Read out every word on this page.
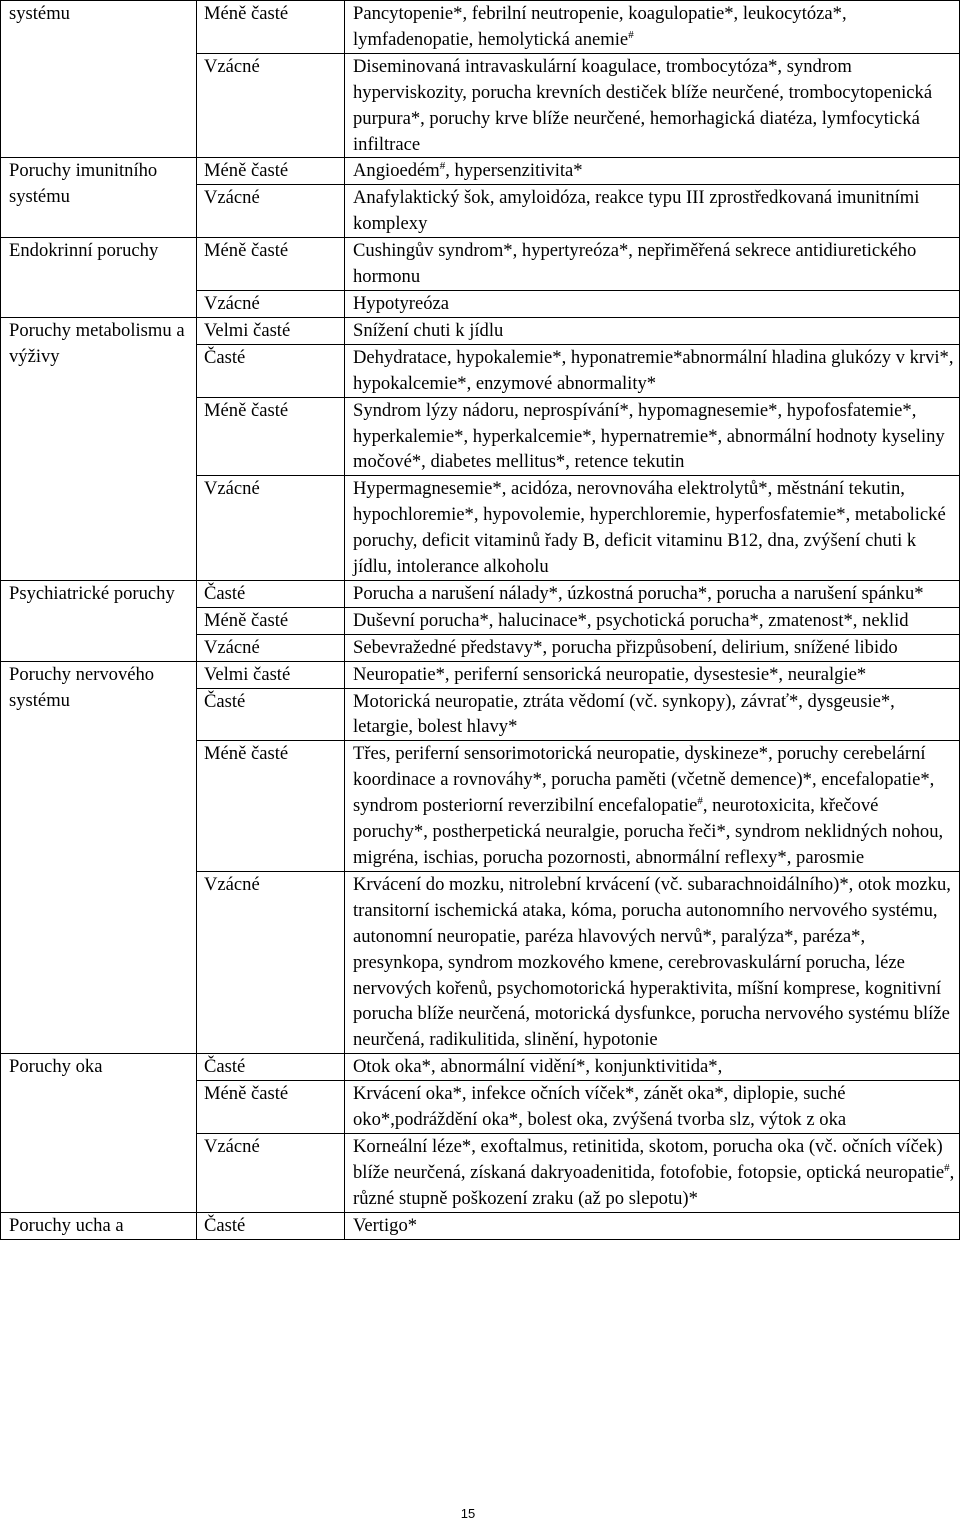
systému	Méně časté	Pancytopenie*, febrilní neutropenie, koagulopatie*, leukocytóza*, lymfadenopatie, hemolytická anemie#
	Vzácné	Diseminovaná intravaskulární koagulace, trombocytóza*, syndrom hyperviskozity, porucha krevních destiček blíže neurčené, trombocytopenická purpura*, poruchy krve blíže neurčené, hemorhagická diatéza, lymfocytická infiltrace
Poruchy imunitního systému	Méně časté	Angioedém#, hypersenzitivita*
	Vzácné	Anafylaktický šok, amyloidóza, reakce typu III zprostředkovaná imunitními komplexy
Endokrinní poruchy	Méně časté	Cushingův syndrom*, hypertyreóza*, nepřiměřená sekrece antidiuretického hormonu
	Vzácné	Hypotyreóza
Poruchy metabolismu a výživy	Velmi časté	Snížení chuti k jídlu
	Časté	Dehydratace, hypokalemie*, hyponatremie*abnormální hladina glukózy v krvi*, hypokalcemie*, enzymové abnormality*
	Méně časté	Syndrom lýzy nádoru, neprospívání*, hypomagnesemie*, hypofosfatemie*, hyperkalemie*, hyperkalcemie*, hypernatremie*, abnormální hodnoty kyseliny močové*, diabetes mellitus*, retence tekutin
	Vzácné	Hypermagnesemie*, acidóza, nerovnováha elektrolytů*, městnání tekutin, hypochloremie*, hypovolemie, hyperchloremie, hyperfosfatemie*, metabolické poruchy, deficit vitaminů řady B, deficit vitaminu B12, dna, zvýšení chuti k jídlu, intolerance alkoholu
Psychiatrické poruchy	Časté	Porucha a narušení nálady*, úzkostná porucha*, porucha a narušení spánku*
	Méně časté	Duševní porucha*, halucinace*, psychotická porucha*, zmatenost*, neklid
	Vzácné	Sebevražedné představy*, porucha přizpůsobení, delirium, snížené libido
Poruchy nervového systému	Velmi časté	Neuropatie*, periferní sensorická neuropatie, dysestesie*, neuralgie*
	Časté	Motorická neuropatie, ztráta vědomí (vč. synkopy), závrať*, dysgeusie*, letargie, bolest hlavy*
	Méně časté	Třes, periferní sensorimotorická neuropatie, dyskineze*, poruchy cerebelární koordinace a rovnováhy*, porucha paměti (včetně demence)*, encefalopatie*, syndrom posteriorní reverzibilní encefalopatie#, neurotoxicita, křečové poruchy*, postherpetická neuralgie, porucha řeči*, syndrom neklidných nohou, migréna, ischias, porucha pozornosti, abnormální reflexy*, parosmie
	Vzácné	Krvácení do mozku, nitrolební krvácení (vč. subarachnoidálního)*, otok mozku, transitorní ischemická ataka, kóma, porucha autonomního nervového systému, autonomní neuropatie, paréza hlavových nervů*, paralýza*, paréza*, presynkopa, syndrom mozkového kmene, cerebrovaskulární porucha, léze nervových kořenů, psychomotorická hyperaktivita, míšní komprese, kognitivní porucha blíže neurčená, motorická dysfunkce, porucha nervového systému blíže neurčená, radikulitida, slinění, hypotonie
Poruchy oka	Časté	Otok oka*, abnormální vidění*, konjunktivitida*,
	Méně časté	Krvácení oka*, infekce očních víček*, zánět oka*, diplopie, suché oko*,podráždění oka*, bolest oka, zvýšená tvorba slz, výtok z oka
	Vzácné	Korneální léze*, exoftalmus, retinitida, skotom, porucha oka (vč. očních víček) blíže neurčená, získaná dakryoadenitida, fotofobie, fotopsie, optická neuropatie#, různé stupně poškození zraku (až po slepotu)*
Poruchy ucha a	Časté	Vertigo*
15
